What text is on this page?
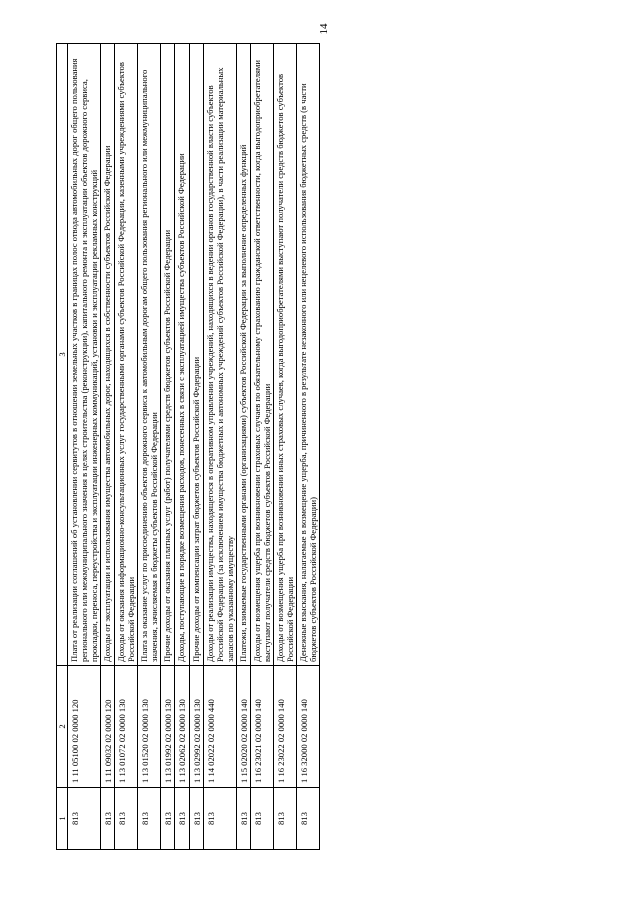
14
1	2	3
813	1 11 05100 02 0000 120	Плата от реализации соглашений об установлении сервитутов в отношении земельных участков в границах полос отвода автомобильных дорог общего пользования регионального или межмуниципального значения в целях строительства (реконструкции), капитального ремонта и эксплуатации объектов дорожного сервиса, прокладки, переноса, переустройства и эксплуатации инженерных коммуникаций, установки и эксплуатации рекламных конструкций
813	1 11 09032 02 0000 120	Доходы от эксплуатации и использования имущества автомобильных дорог, находящихся в собственности субъектов Российской Федерации
813	1 13 01072 02 0000 130	Доходы от оказания информационно-консультационных услуг государственными органами субъектов Российской Федерации, казенными учреждениями субъектов Российской Федерации
813	1 13 01520 02 0000 130	Плата за оказание услуг по присоединению объектов дорожного сервиса к автомобильным дорогам общего пользования регионального или межмуниципального значения, зачисляемая в бюджеты субъектов Российской Федерации
813	1 13 01992 02 0000 130	Прочие доходы от оказания платных услуг (работ) получателями средств бюджетов субъектов Российской Федерации
813	1 13 02062 02 0000 130	Доходы, поступающие в порядке возмещения расходов, понесенных в связи с эксплуатацией имущества субъектов Российской Федерации
813	1 13 02992 02 0000 130	Прочие доходы от компенсации затрат бюджетов субъектов Российской Федерации
813	1 14 02022 02 0000 440	Доходы от реализации имущества, находящегося в оперативном управлении учреждений, находящихся в ведении органов государственной власти субъектов Российской Федерации (за исключением имущества бюджетных и автономных учреждений субъектов Российской Федерации), в части реализации материальных запасов по указанному имуществу
813	1 15 02020 02 0000 140	Платежи, взимаемые государственными органами (организациями) субъектов Российской Федерации за выполнение определенных функций
813	1 16 23021 02 0000 140	Доходы от возмещения ущерба при возникновении страховых случаев по обязательному страхованию гражданской ответственности, когда выгодоприобретателями выступают получатели средств бюджетов субъектов Российской Федерации
813	1 16 23022 02 0000 140	Доходы от возмещения ущерба при возникновении иных страховых случаев, когда выгодоприобретателями выступают получатели средств бюджетов субъектов Российской Федерации
813	1 16 32000 02 0000 140	Денежные взыскания, налагаемые в возмещение ущерба, причиненного в результате незаконного или нецелевого использования бюджетных средств (в части бюджетов субъектов Российской Федерации)
